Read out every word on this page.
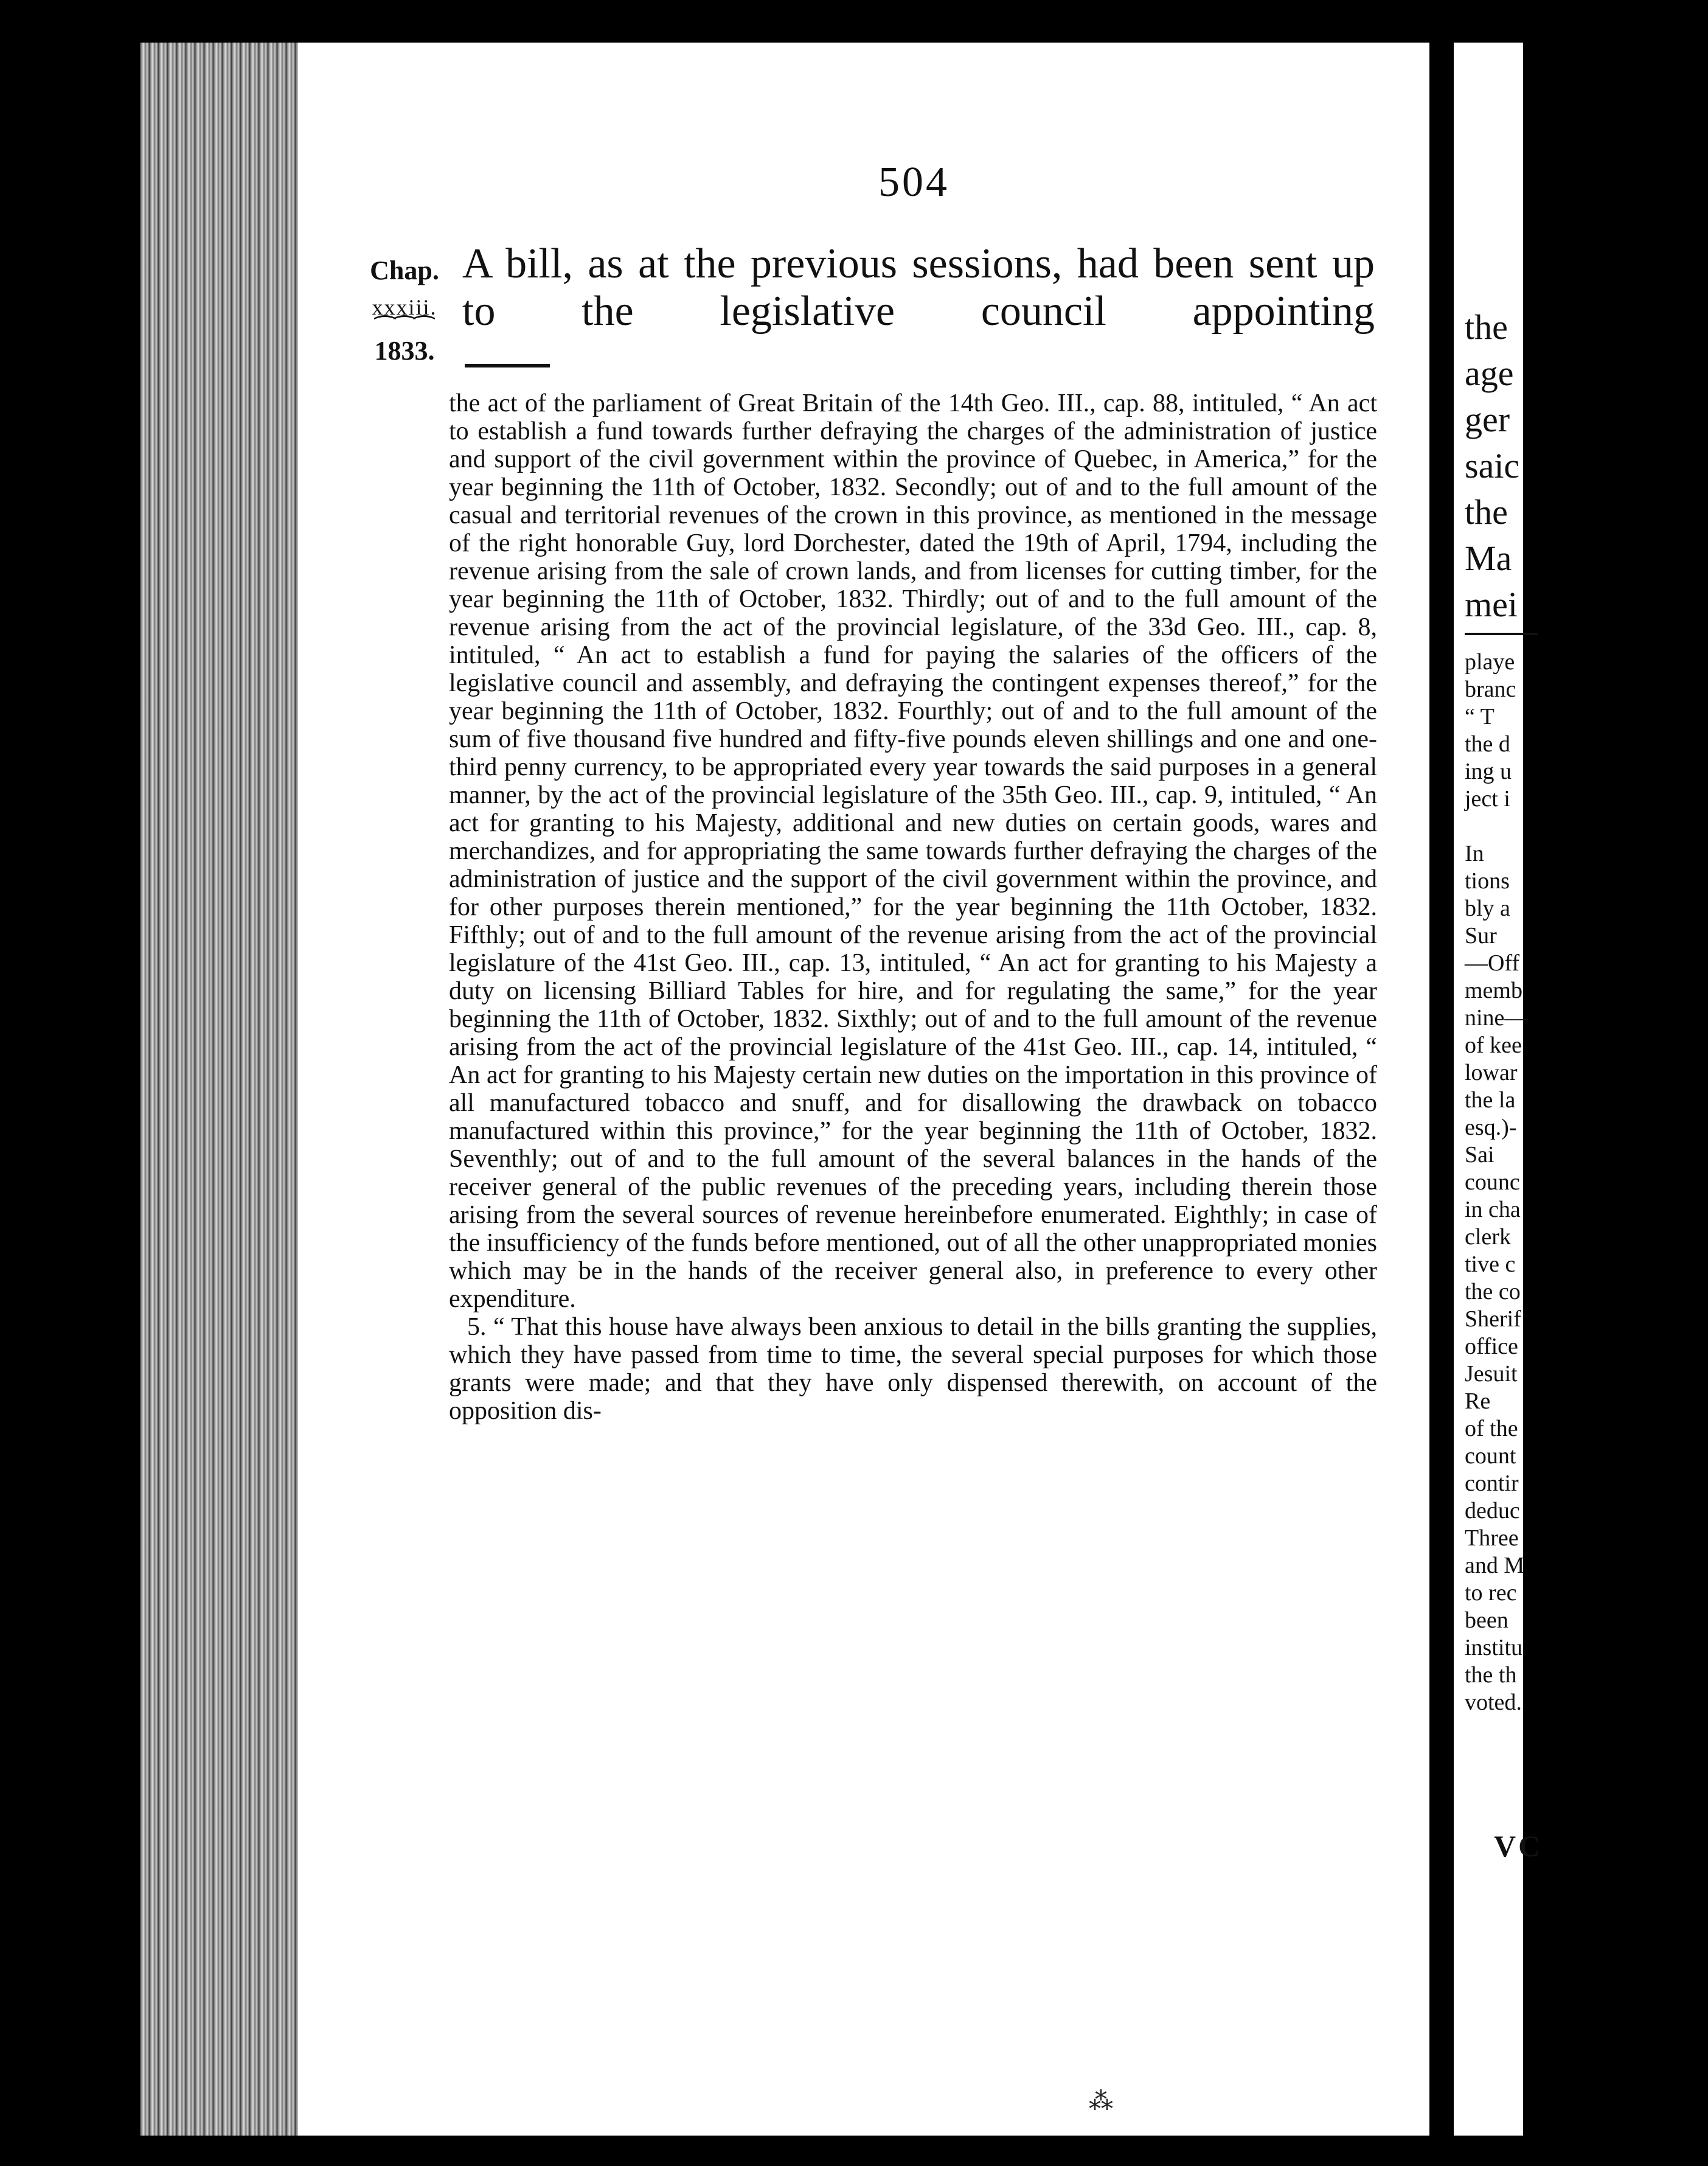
504
Chap.
xxxiii.
⁀⁀⁀
1833.
A bill, as at the previous sessions, had been sent up to the legislative council appointing

the act of the parliament of Great Britain of the 14th Geo. III., cap. 88, intituled, “ An act to establish a fund towards further defraying the charges of the administration of justice and support of the civil government within the province of Quebec, in America,” for the year beginning the 11th of October, 1832. Secondly; out of and to the full amount of the casual and territorial revenues of the crown in this province, as mentioned in the message of the right honorable Guy, lord Dorchester, dated the 19th of April, 1794, including the revenue arising from the sale of crown lands, and from licenses for cutting timber, for the year beginning the 11th of October, 1832. Thirdly; out of and to the full amount of the revenue arising from the act of the provincial legislature, of the 33d Geo. III., cap. 8, intituled, “ An act to establish a fund for paying the salaries of the officers of the legislative council and assembly, and defraying the contingent expenses thereof,” for the year beginning the 11th of October, 1832. Fourthly; out of and to the full amount of the sum of five thousand five hundred and fifty-five pounds eleven shillings and one and one-third penny currency, to be appropriated every year towards the said purposes in a general manner, by the act of the provincial legislature of the 35th Geo. III., cap. 9, intituled, “ An act for granting to his Majesty, additional and new duties on certain goods, wares and merchandizes, and for appropriating the same towards further defraying the charges of the administration of justice and the support of the civil government within the province, and for other purposes therein mentioned,” for the year beginning the 11th October, 1832. Fifthly; out of and to the full amount of the revenue arising from the act of the provincial legislature of the 41st Geo. III., cap. 13, intituled, “ An act for granting to his Majesty a duty on licensing Billiard Tables for hire, and for regulating the same,” for the year beginning the 11th of October, 1832. Sixthly; out of and to the full amount of the revenue arising from the act of the provincial legislature of the 41st Geo. III., cap. 14, intituled, “ An act for granting to his Majesty certain new duties on the importation in this province of all manufactured tobacco and snuff, and for disallowing the drawback on tobacco manufactured within this province,” for the year beginning the 11th of October, 1832. Seventhly; out of and to the full amount of the several balances in the hands of the receiver general of the public revenues of the preceding years, including therein those arising from the several sources of revenue hereinbefore enumerated. Eighthly; in case of the insufficiency of the funds before mentioned, out of all the other unappropriated monies which may be in the hands of the receiver general also, in preference to every other expenditure.

5. “ That this house have always been anxious to detail in the bills granting the supplies, which they have passed from time to time, the several special purposes for which those grants were made; and that they have only dispensed therewith, on account of the opposition dis-

the
age
ger
saic
the
Ma
mei
playe
branc
“ T
the d
ing u
ject i

In
tions
bly a
Sur
—Off
memb
nine—
of kee
lowar
the la
esq.)-
Sai
counc
in cha
clerk
tive c
the co
Sherif
office
Jesuit
Re
of the
count
contir
deduc
Three
and M
to rec
been
institu
the th
voted.
VC
⁂
